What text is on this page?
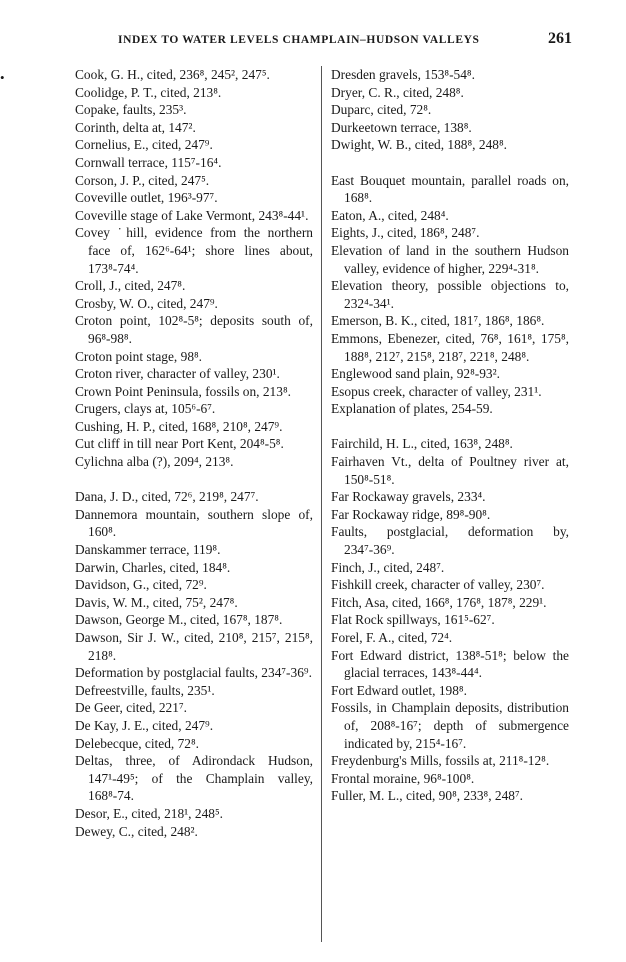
•
INDEX TO WATER LEVELS CHAMPLAIN–HUDSON VALLEYS	261

Cook, G. H., cited, 236⁸, 245², 247⁵.

Coolidge, P. T., cited, 213⁸.

Copake, faults, 235³.

Corinth, delta at, 147².

Cornelius, E., cited, 247⁹.

Cornwall terrace, 115⁷-16⁴.

Corson, J. P., cited, 247⁵.

Coveville outlet, 196³-97⁷.

Coveville stage of Lake Vermont, 243⁸-44¹.

Covey ˙hill, evidence from the northern face of, 162⁶-64¹; shore lines about, 173⁸-74⁴.

Croll, J., cited, 247⁸.

Crosby, W. O., cited, 247⁹.

Croton point, 102⁸-5⁸; deposits south of, 96⁸-98⁸.

Croton point stage, 98⁸.

Croton river, character of valley, 230¹.

Crown Point Peninsula, fossils on, 213⁸.

Crugers, clays at, 105⁶-6⁷.

Cushing, H. P., cited, 168⁸, 210⁸, 247⁹.

Cut cliff in till near Port Kent, 204⁸-5⁸.

Cylichna alba (?), 209⁴, 213⁸.

Dana, J. D., cited, 72⁶, 219⁸, 247⁷.

Dannemora mountain, southern slope of, 160⁸.

Danskammer terrace, 119⁸.

Darwin, Charles, cited, 184⁸.

Davidson, G., cited, 72⁹.

Davis, W. M., cited, 75², 247⁸.

Dawson, George M., cited, 167⁸, 187⁸.

Dawson, Sir J. W., cited, 210⁸, 215⁷, 215⁸, 218⁸.

Deformation by postglacial faults, 234⁷-36⁹.

Defreestville, faults, 235¹.

De Geer, cited, 221⁷.

De Kay, J. E., cited, 247⁹.

Delebecque, cited, 72⁸.

Deltas, three, of Adirondack Hudson, 147¹-49⁵; of the Champlain valley, 168⁸-74.

Desor, E., cited, 218¹, 248⁵.

Dewey, C., cited, 248².

Dresden gravels, 153⁸-54⁸.

Dryer, C. R., cited, 248⁸.

Duparc, cited, 72⁸.

Durkeetown terrace, 138⁸.

Dwight, W. B., cited, 188⁸, 248⁸.

East Bouquet mountain, parallel roads on, 168⁸.

Eaton, A., cited, 248⁴.

Eights, J., cited, 186⁸, 248⁷.

Elevation of land in the southern Hudson valley, evidence of higher, 229⁴-31⁸.

Elevation theory, possible objections to, 232⁴-34¹.

Emerson, B. K., cited, 181⁷, 186⁸, 186⁸.

Emmons, Ebenezer, cited, 76⁸, 161⁸, 175⁸, 188⁸, 212⁷, 215⁸, 218⁷, 221⁸, 248⁸.

Englewood sand plain, 92⁸-93².

Esopus creek, character of valley, 231¹.

Explanation of plates, 254-59.

Fairchild, H. L., cited, 163⁸, 248⁸.

Fairhaven Vt., delta of Poultney river at, 150⁸-51⁸.

Far Rockaway gravels, 233⁴.

Far Rockaway ridge, 89⁸-90⁸.

Faults, postglacial, deformation by, 234⁷-36⁹.

Finch, J., cited, 248⁷.

Fishkill creek, character of valley, 230⁷.

Fitch, Asa, cited, 166⁸, 176⁸, 187⁸, 229¹.

Flat Rock spillways, 161⁵-62⁷.

Forel, F. A., cited, 72⁴.

Fort Edward district, 138⁸-51⁸; below the glacial terraces, 143⁸-44⁴.

Fort Edward outlet, 198⁸.

Fossils, in Champlain deposits, distribution of, 208⁸-16⁷; depth of submergence indicated by, 215⁴-16⁷.

Freydenburg's Mills, fossils at, 211⁸-12⁸.

Frontal moraine, 96⁸-100⁸.

Fuller, M. L., cited, 90⁸, 233⁸, 248⁷.
